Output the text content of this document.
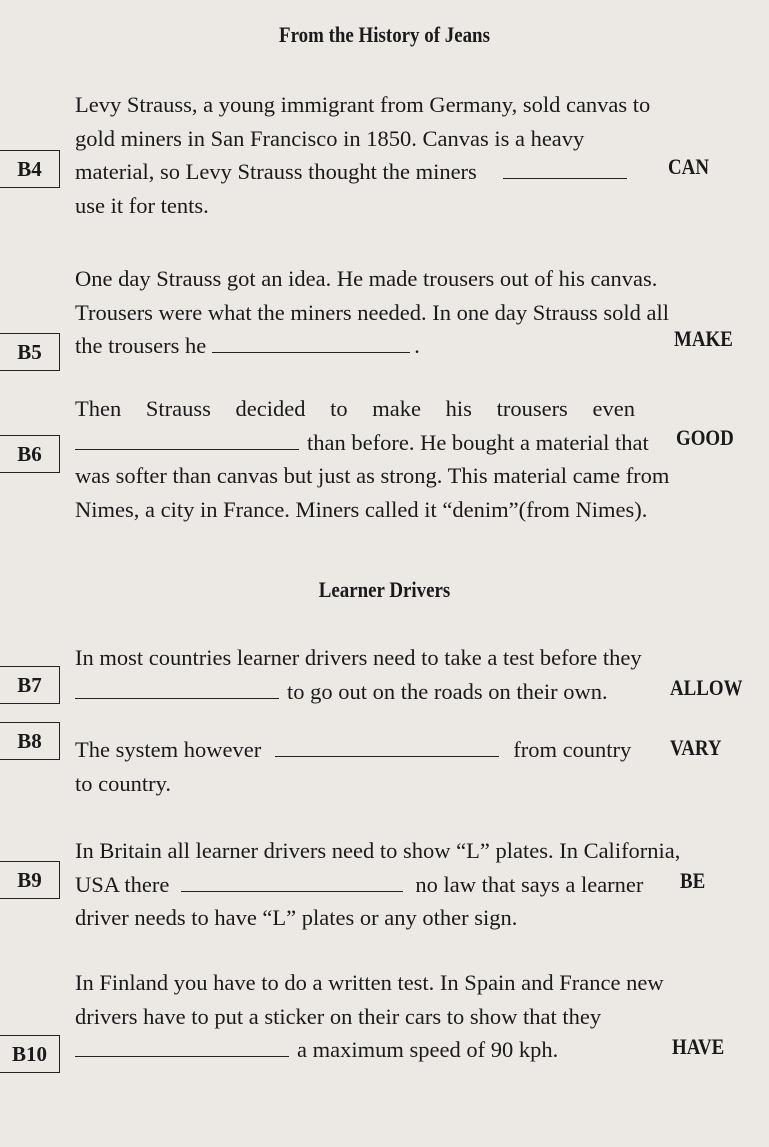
From the History of Jeans
Levy Strauss, a young immigrant from Germany, sold canvas to
gold miners in San Francisco in 1850. Canvas is a heavy
material, so Levy Strauss thought the miners
use it for tents.
B4	CAN
One day Strauss got an idea. He made trousers out of his canvas.
Trousers were what the miners needed. In one day Strauss sold all
the trousers he	.
B5
MAKE
Then Strauss decided to make his trousers even
than before. He bought a material that
was softer than canvas but just as strong. This material came from
Nimes, a city in France. Miners called it “denim”(from Nimes).
B6
GOOD
Learner Drivers
In most countries learner drivers need to take a test before they
to go out on the roads on their own.
B7	ALLOW
B8	The system however	from country
to country.
VARY
In Britain all learner drivers need to show “L” plates. In California,
USA there	no law that says a learner
driver needs to have “L” plates or any other sign.
B9	BE
In Finland you have to do a written test. In Spain and France new
drivers have to put a sticker on their cars to show that they
a maximum speed of 90 kph.
B10	HAVE
